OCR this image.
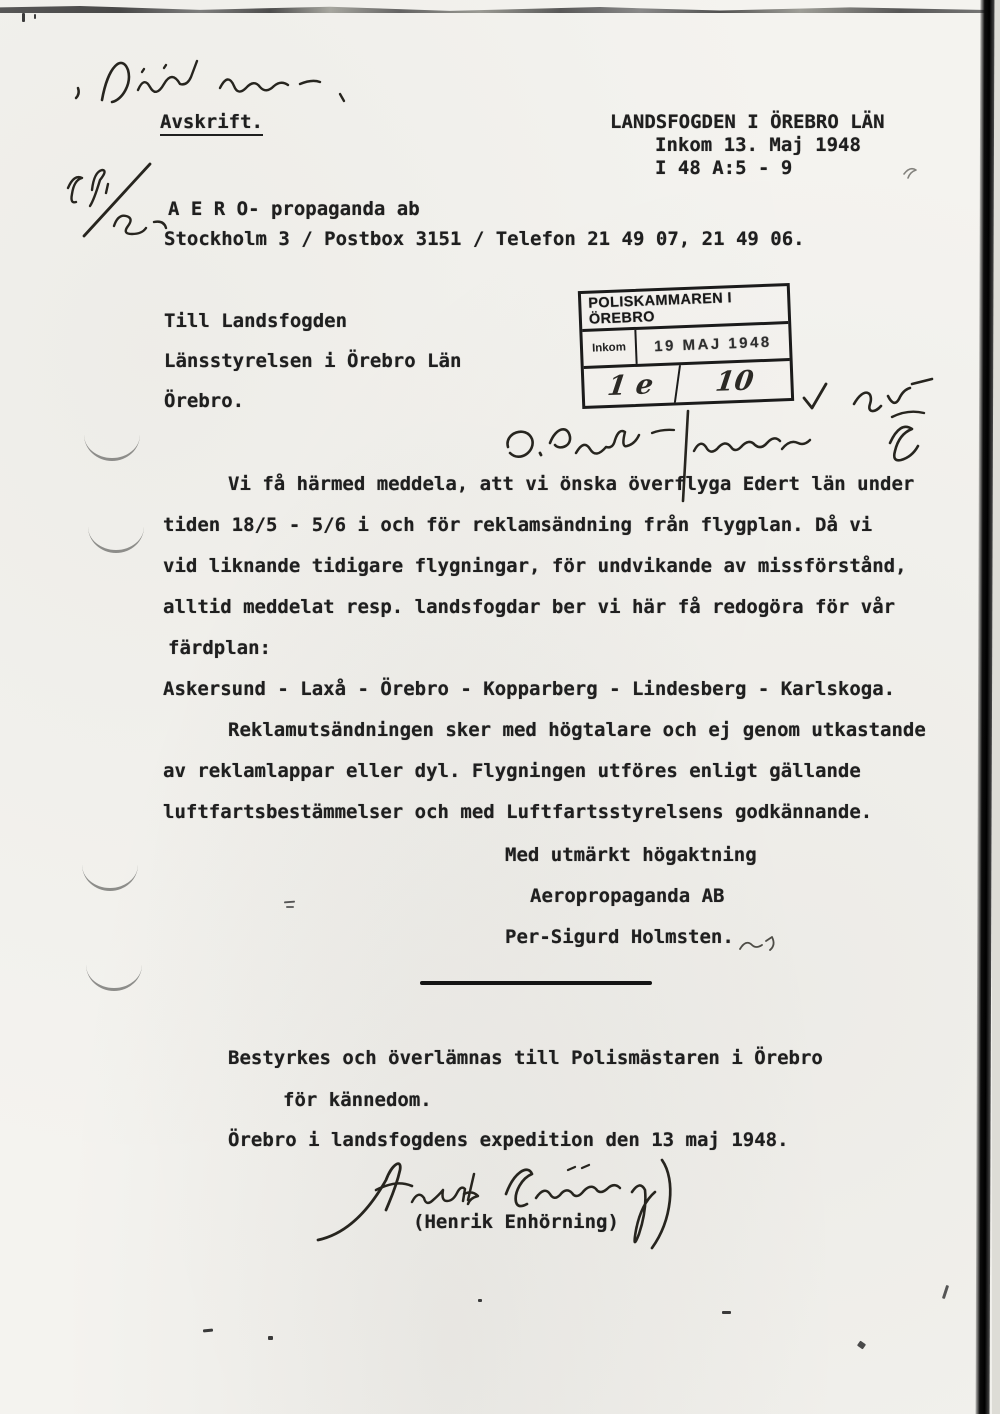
Avskrift.	LANDSFOGDEN I ÖREBRO LÄN
Inkom 13. Maj 1948
I 48 A:5 - 9
A E R O- propaganda ab
Stockholm 3 / Postbox 3151 / Telefon 21 49 07, 21 49 06.
Till Landsfogden
Länsstyrelsen i Örebro Län
Örebro.
POLISKAMMAREN I ÖREBRO
Inkom	19 MAJ 1948
1 e	10
Vi få härmed meddela, att vi önska överflyga Edert län under
tiden 18/5 - 5/6 i och för reklamsändning från flygplan. Då vi
vid liknande tidigare flygningar, för undvikande av missförstånd,
alltid meddelat resp. landsfogdar ber vi här få redogöra för vår
färdplan:
Askersund - Laxå - Örebro - Kopparberg - Lindesberg - Karlskoga.
Reklamutsändningen sker med högtalare och ej genom utkastande
av reklamlappar eller dyl. Flygningen utföres enligt gällande
luftfartsbestämmelser och med Luftfartsstyrelsens godkännande.
Med utmärkt högaktning
Aeropropaganda AB
Per-Sigurd Holmsten.
Bestyrkes och överlämnas till Polismästaren i Örebro
för kännedom.
Örebro i landsfogdens expedition den 13 maj 1948.
(Henrik Enhörning)
